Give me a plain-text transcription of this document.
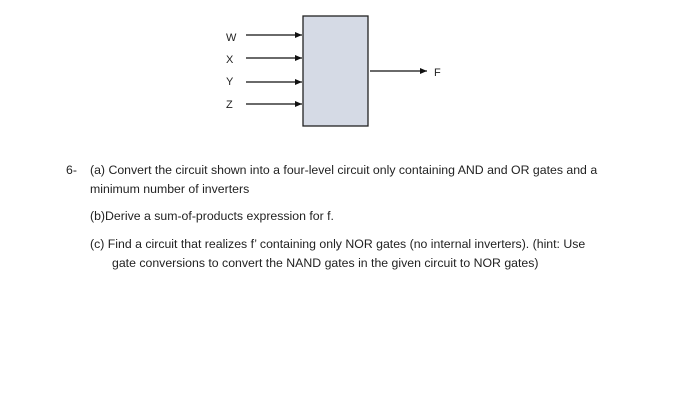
W
X
Y
Z
F
6- (a) Convert the circuit shown into a four-level circuit only containing AND and OR gates and a
minimum number of inverters
(b)Derive a sum-of-products expression for f.
(c) Find a circuit that realizes f’ containing only NOR gates (no internal inverters). (hint: Use
gate conversions to convert the NAND gates in the given circuit to NOR gates)
